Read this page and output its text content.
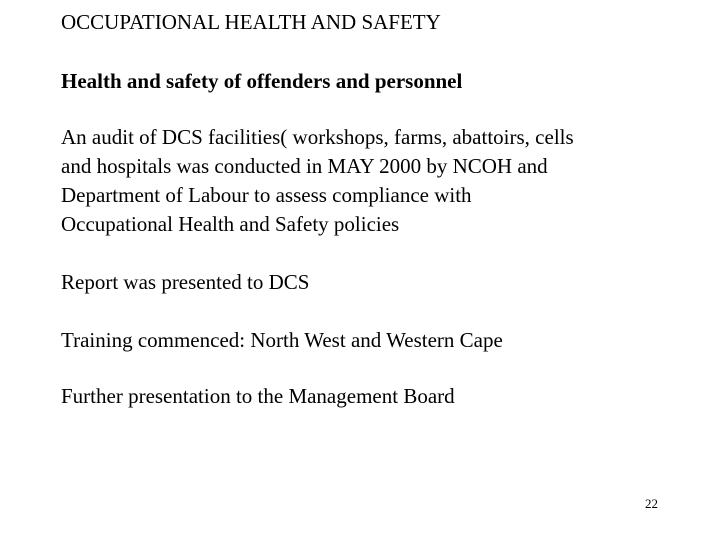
OCCUPATIONAL HEALTH AND SAFETY
Health and safety of offenders and personnel
An audit of DCS facilities( workshops, farms, abattoirs, cells
and hospitals was conducted in MAY 2000 by NCOH and
Department of Labour to assess compliance with
Occupational Health and Safety policies
Report was presented to DCS
Training commenced: North West and Western Cape
Further presentation to the Management Board
22
